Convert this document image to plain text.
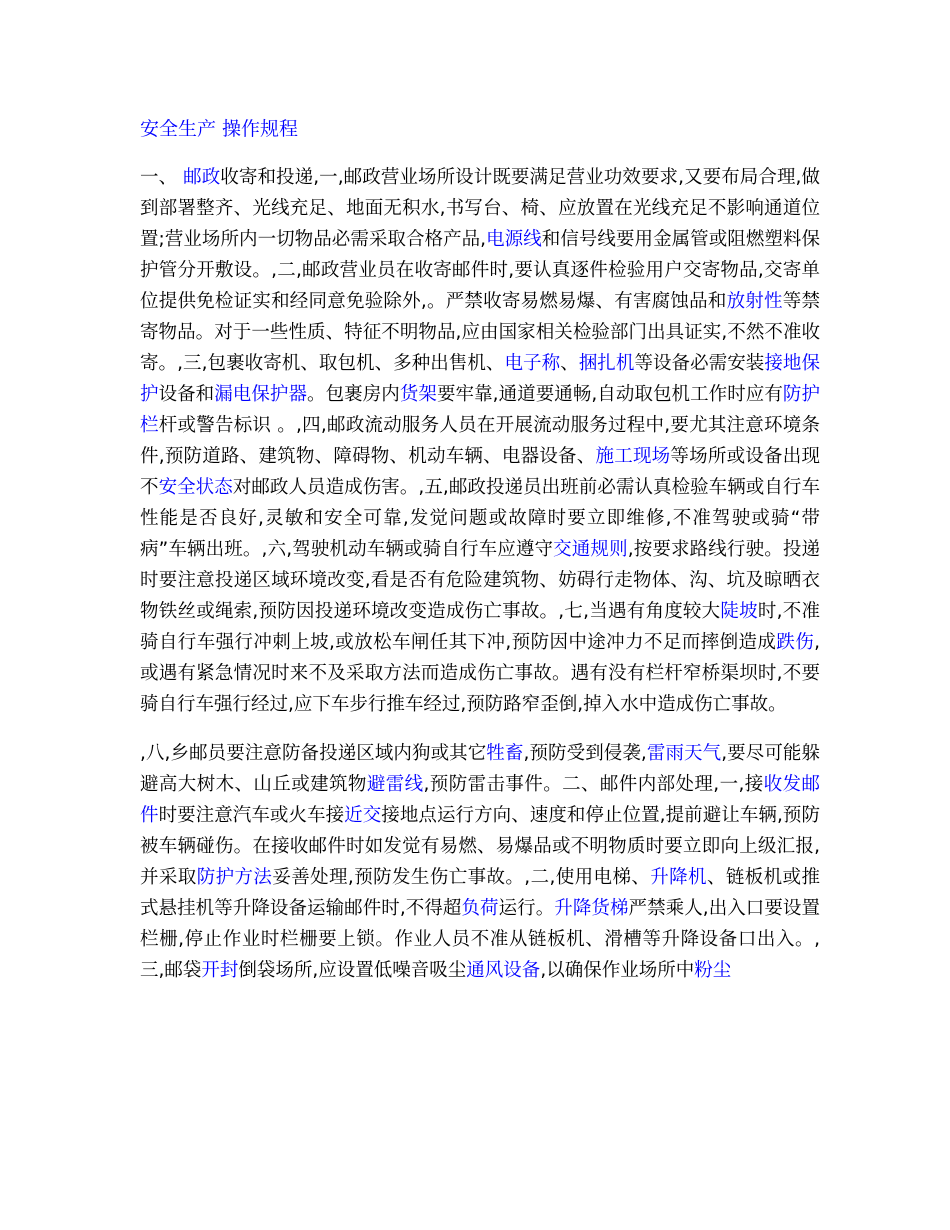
安全生产 操作规程

一、 邮政收寄和投递,一,邮政营业场所设计既要满足营业功效要求,又要布局合理,做到部署整齐、光线充足、地面无积水,书写台、椅、应放置在光线充足不影响通道位置;营业场所内一切物品必需采取合格产品,电源线和信号线要用金属管或阻燃塑料保护管分开敷设。,二,邮政营业员在收寄邮件时,要认真逐件检验用户交寄物品,交寄单位提供免检证实和经同意免验除外,。严禁收寄易燃易爆、有害腐蚀品和放射性等禁寄物品。对于一些性质、特征不明物品,应由国家相关检验部门出具证实,不然不准收寄。,三,包裹收寄机、取包机、多种出售机、电子称、捆扎机等设备必需安装接地保护设备和漏电保护器。包裹房内货架要牢靠,通道要通畅,自动取包机工作时应有防护栏杆或警告标识 。,四,邮政流动服务人员在开展流动服务过程中,要尤其注意环境条件,预防道路、建筑物、障碍物、机动车辆、电器设备、施工现场等场所或设备出现不安全状态对邮政人员造成伤害。,五,邮政投递员出班前必需认真检验车辆或自行车性能是否良好,灵敏和安全可靠,发觉问题或故障时要立即维修,不准驾驶或骑“带病”车辆出班。,六,驾驶机动车辆或骑自行车应遵守交通规则,按要求路线行驶。投递时要注意投递区域环境改变,看是否有危险建筑物、妨碍行走物体、沟、坑及晾晒衣物铁丝或绳索,预防因投递环境改变造成伤亡事故。,七,当遇有角度较大陡坡时,不准骑自行车强行冲刺上坡,或放松车闸任其下冲,预防因中途冲力不足而摔倒造成跌伤,或遇有紧急情况时来不及采取方法而造成伤亡事故。遇有没有栏杆窄桥渠坝时,不要骑自行车强行经过,应下车步行推车经过,预防路窄歪倒,掉入水中造成伤亡事故。

,八,乡邮员要注意防备投递区域内狗或其它牲畜,预防受到侵袭,雷雨天气,要尽可能躲避高大树木、山丘或建筑物避雷线,预防雷击事件。二、邮件内部处理,一,接收发邮件时要注意汽车或火车接近交接地点运行方向、速度和停止位置,提前避让车辆,预防被车辆碰伤。在接收邮件时如发觉有易燃、易爆品或不明物质时要立即向上级汇报,并采取防护方法妥善处理,预防发生伤亡事故。,二,使用电梯、升降机、链板机或推式悬挂机等升降设备运输邮件时,不得超负荷运行。升降货梯严禁乘人,出入口要设置栏栅,停止作业时栏栅要上锁。作业人员不准从链板机、滑槽等升降设备口出入。,三,邮袋开封倒袋场所,应设置低噪音吸尘通风设备,以确保作业场所中粉尘
